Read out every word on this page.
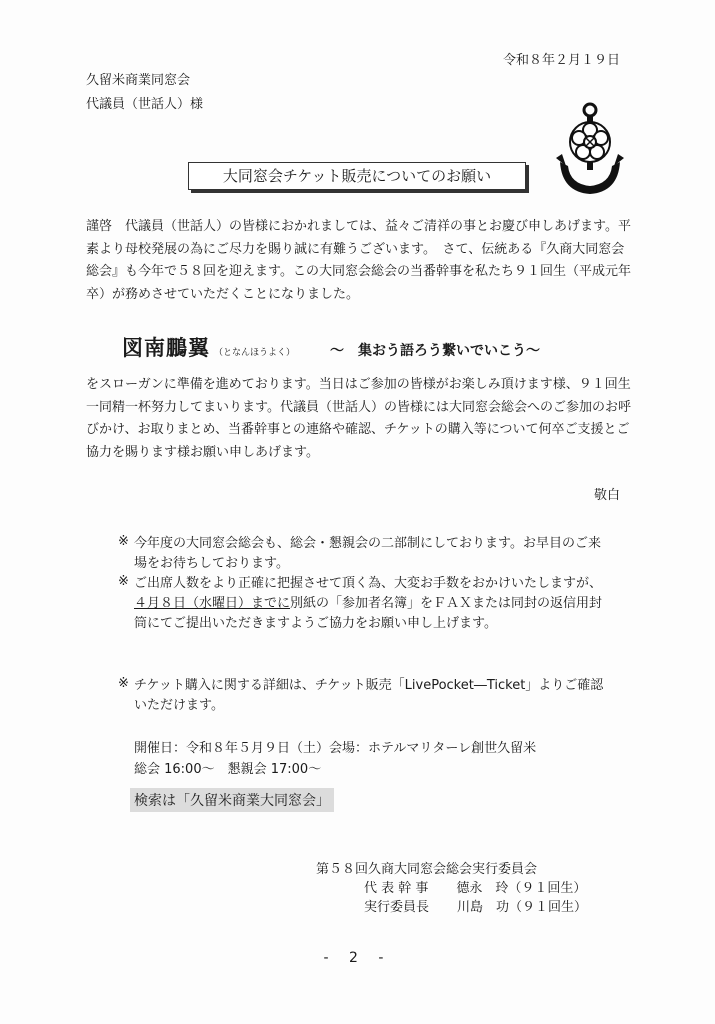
令和８年２月１９日
久留米商業同窓会
代議員（世話人）様
大同窓会チケット販売についてのお願い
謹啓　代議員（世話人）の皆様におかれましては、益々ご清祥の事とお慶び申しあげます。平素より母校発展の為にご尽力を賜り誠に有難うございます。　さて、伝統ある『久商大同窓会総会』も今年で５８回を迎えます。この大同窓会総会の当番幹事を私たち９１回生（平成元年卒）が務めさせていただくことになりました。
図南鵬翼 （となんほうよく） ～　集おう語ろう繋いでいこう～
をスローガンに準備を進めております。当日はご参加の皆様がお楽しみ頂けます様、９１回生一同精一杯努力してまいります。代議員（世話人）の皆様には大同窓会総会へのご参加のお呼びかけ、お取りまとめ、当番幹事との連絡や確認、チケットの購入等について何卒ご支援とご協力を賜ります様お願い申しあげます。
敬白
※ 今年度の大同窓会総会も、総会・懇親会の二部制にしております。お早目のご来場をお待ちしております。
※ ご出席人数をより正確に把握させて頂く為、大変お手数をおかけいたしますが、４月８日（水曜日）までに別紙の「参加者名簿」をＦＡＸまたは同封の返信用封筒にてご提出いただきますようご協力をお願い申し上げます。
※ チケット購入に関する詳細は、チケット販売「LivePocket―Ticket」よりご確認いただけます。
開催日：令和８年５月９日（土）会場：ホテルマリターレ創世久留米
総会 16:00～　懇親会 17:00～
検索は「久留米商業大同窓会」
第５８回久商大同窓会総会実行委員会
代 表 幹 事 德永　玲（９１回生）
実行委員長 川島　功（９１回生）
- 2 -
